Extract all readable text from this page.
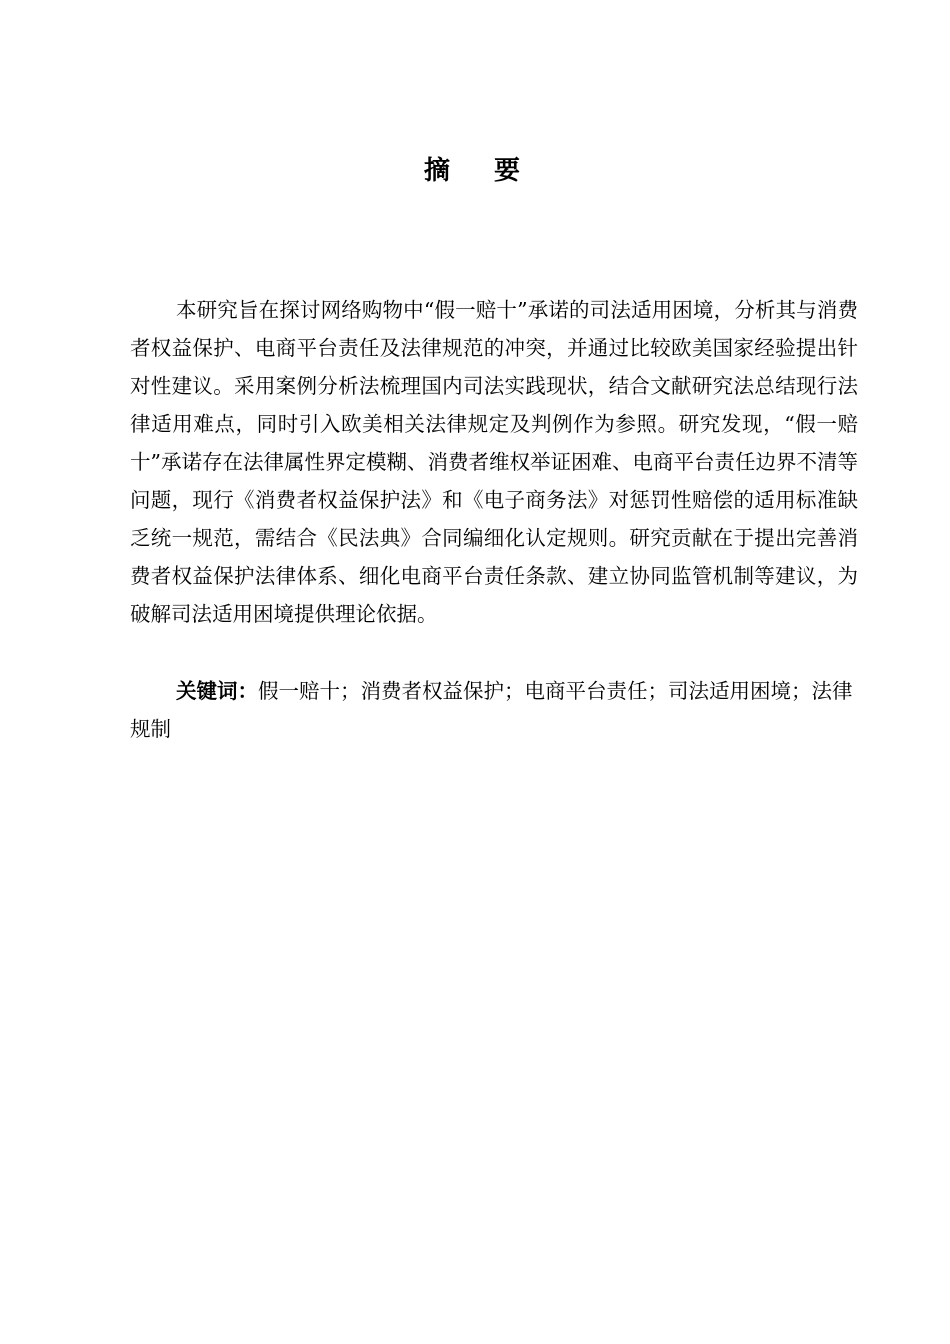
摘要

本研究旨在探讨网络购物中“假一赔十”承诺的司法适用困境，分析其与消费者权益保护、电商平台责任及法律规范的冲突，并通过比较欧美国家经验提出针对性建议。采用案例分析法梳理国内司法实践现状，结合文献研究法总结现行法律适用难点，同时引入欧美相关法律规定及判例作为参照。研究发现，“假一赔十”承诺存在法律属性界定模糊、消费者维权举证困难、电商平台责任边界不清等问题，现行《消费者权益保护法》和《电子商务法》对惩罚性赔偿的适用标准缺乏统一规范，需结合《民法典》合同编细化认定规则。研究贡献在于提出完善消费者权益保护法律体系、细化电商平台责任条款、建立协同监管机制等建议，为破解司法适用困境提供理论依据。

关键词：假一赔十；消费者权益保护；电商平台责任；司法适用困境；法律规制
